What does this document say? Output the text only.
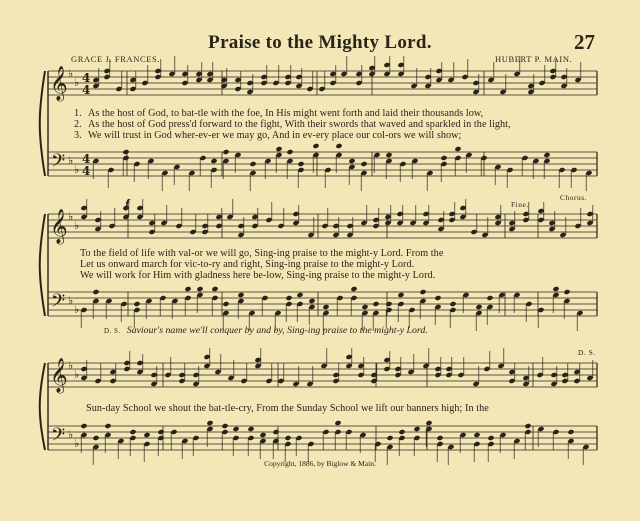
𝄞
𝄢
♭
♭
♭
♭
4
4
4
4
𝄞
𝄢
♭
♭
♭
♭
𝄞
𝄢
♭
♭
♭
♭
Praise to the Mighty Lord.	27
GRACE J. FRANCES.	HUBERT P. MAIN.
1. As the host of God, to bat-tle with the foe, In His might went forth and laid their thousands low,
2. As the host of God press'd forward to the fight, With their swords that waved and sparkled in the light,
3. We will trust in God wher-ev-er we may go, And in ev-ery place our col-ors we will show;
Fine.
Chorus.
f
To the field of life with val-or we will go, Sing-ing praise to the might-y Lord. From the
Let us onward march for vic-to-ry and right, Sing-ing praise to the might-y Lord.
We will work for Him with gladness here be-low, Sing-ing praise to the might-y Lord.
D. S. Saviour's name we'll conquer by and by, Sing-ing praise to the might-y Lord.
D. S.
Sun-day School we shout the bat-tle-cry, From the Sunday School we lift our banners high; In the
Copyright, 1886, by Biglow & Main.
